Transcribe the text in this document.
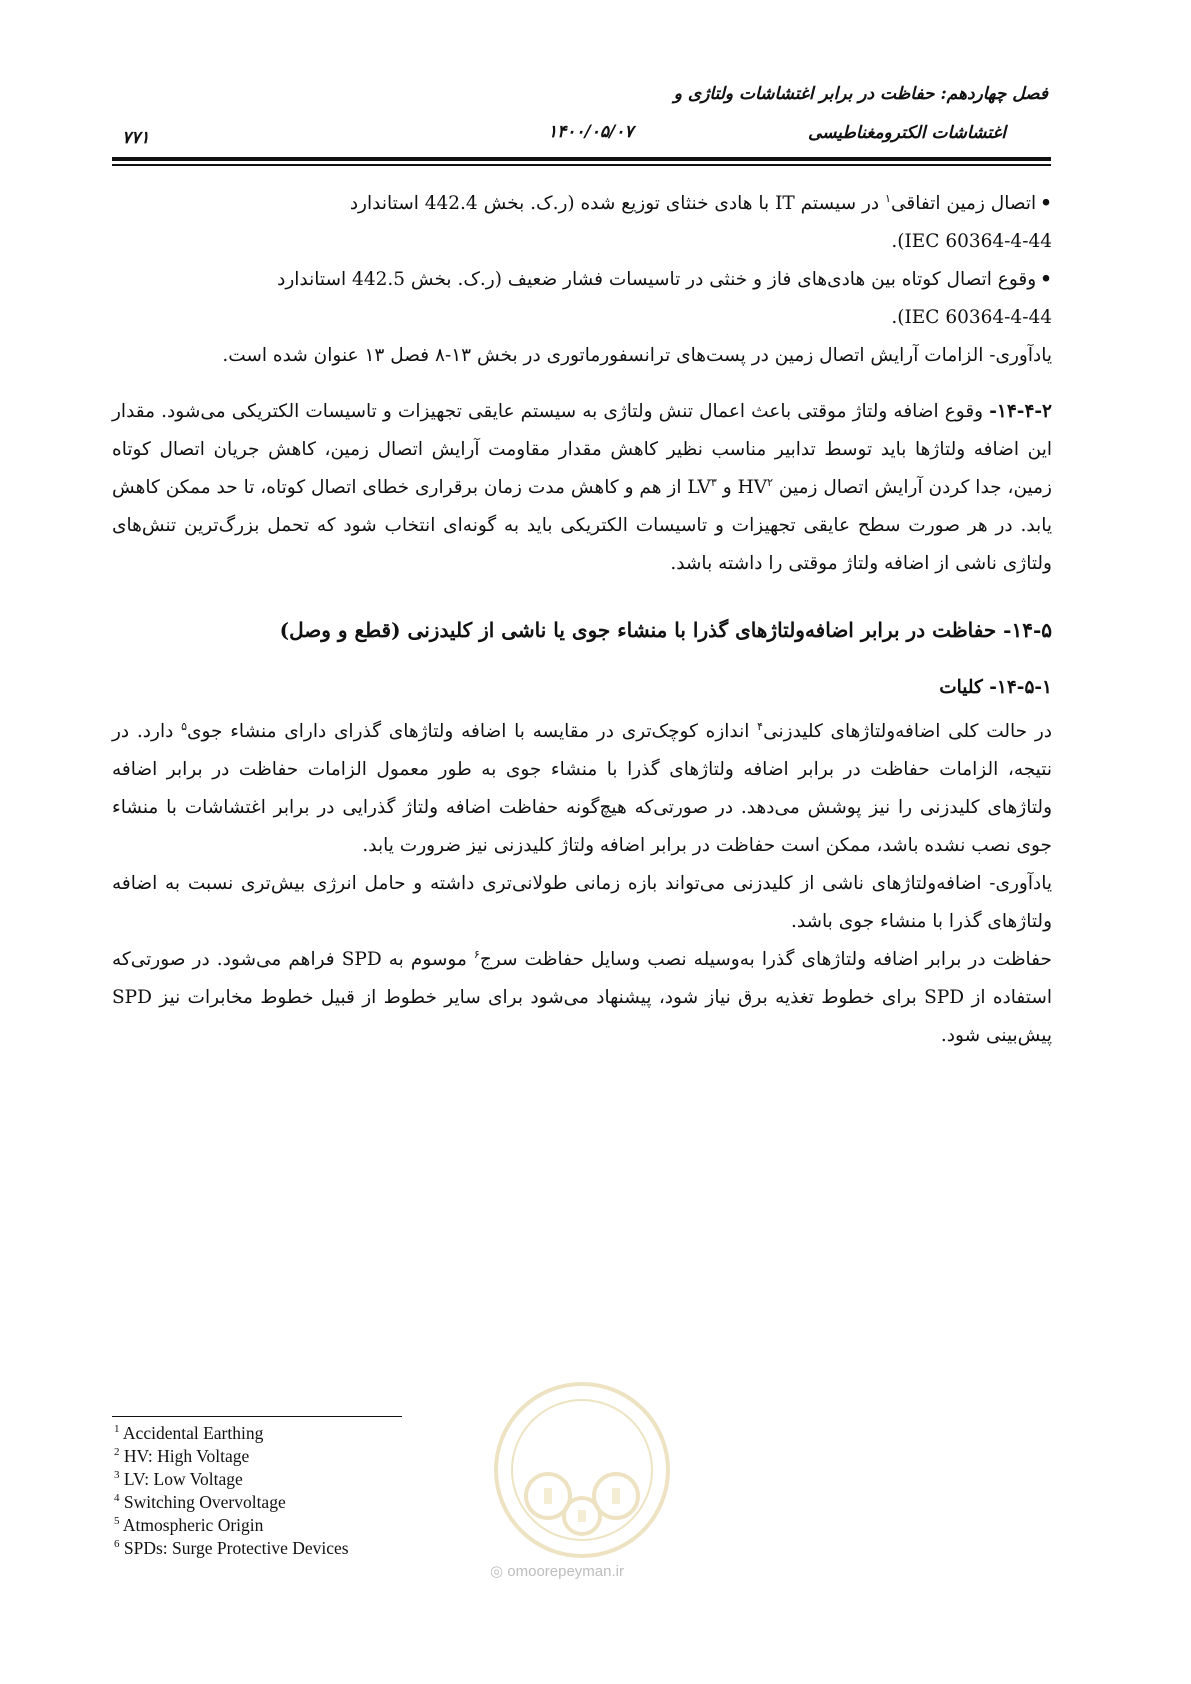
فصل چهاردهم: حفاظت در برابر اغتشاشات ولتاژی و
اغتشاشات الکترومغناطیسی
۱۴۰۰/۰۵/۰۷
۷۷۱

•اتصال زمین اتفاقی$^۱$ در سیستم IT با هادی خنثای توزیع شده (ر.ک. بخش 442.4 استاندارد
IEC 60364-4-44).

•وقوع اتصال کوتاه بین هادی‌های فاز و خنثی در تاسیسات فشار ضعیف (ر.ک. بخش 442.5 استاندارد
IEC 60364-4-44).

یادآوری- الزامات آرایش اتصال زمین در پست‌های ترانسفورماتوری در بخش ۱۳-۸ فصل ۱۳ عنوان شده است.

۱۴-۴-۲- وقوع اضافه ولتاژ موقتی باعث اعمال تنش ولتاژی به سیستم عایقی تجهیزات و تاسیسات الکتریکی می‌شود. مقدار این اضافه ولتاژها باید توسط تدابیر مناسب نظیر کاهش مقدار مقاومت آرایش اتصال زمین، کاهش جریان اتصال کوتاه زمین، جدا کردن آرایش اتصال زمین $HV^۲$ و $LV^۳$ از هم و کاهش مدت زمان برقراری خطای اتصال کوتاه، تا حد ممکن کاهش یابد. در هر صورت سطح عایقی تجهیزات و تاسیسات الکتریکی باید به گونه‌ای انتخاب شود که تحمل بزرگ‌ترین تنش‌های ولتاژی ناشی از اضافه ولتاژ موقتی را داشته باشد.

۱۴-۵- حفاظت در برابر اضافه‌ولتاژهای گذرا با منشاء جوی یا ناشی از کلیدزنی (قطع و وصل)

۱۴-۵-۱- کلیات

در حالت کلی اضافه‌ولتاژهای کلیدزنی$^۴$ اندازه کوچک‌تری در مقایسه با اضافه ولتاژهای گذرای دارای منشاء جوی$^۵$ دارد. در نتیجه، الزامات حفاظت در برابر اضافه ولتاژهای گذرا با منشاء جوی به طور معمول الزامات حفاظت در برابر اضافه ولتاژهای کلیدزنی را نیز پوشش می‌دهد. در صورتی‌که هیچ‌گونه حفاظت اضافه ولتاژ گذرایی در برابر اغتشاشات با منشاء جوی نصب نشده باشد، ممکن است حفاظت در برابر اضافه ولتاژ کلیدزنی نیز ضرورت یابد.

یادآوری- اضافه‌ولتاژهای ناشی از کلیدزنی می‌تواند بازه زمانی طولانی‌تری داشته و حامل انرژی بیش‌تری نسبت به اضافه ولتاژهای گذرا با منشاء جوی باشد.

حفاظت در برابر اضافه ولتاژهای گذرا به‌وسیله نصب وسایل حفاظت سرج$^۶$ موسوم به SPD فراهم می‌شود. در صورتی‌که استفاده از SPD برای خطوط تغذیه برق نیاز شود، پیشنهاد می‌شود برای سایر خطوط از قبیل خطوط مخابرات نیز SPD پیش‌بینی شود.

◎ omoorepeyman.ir
$^1$ Accidental Earthing
$^2$ HV: High Voltage
$^3$ LV: Low Voltage
$^4$ Switching Overvoltage
$^5$ Atmospheric Origin
$^6$ SPDs: Surge Protective Devices
